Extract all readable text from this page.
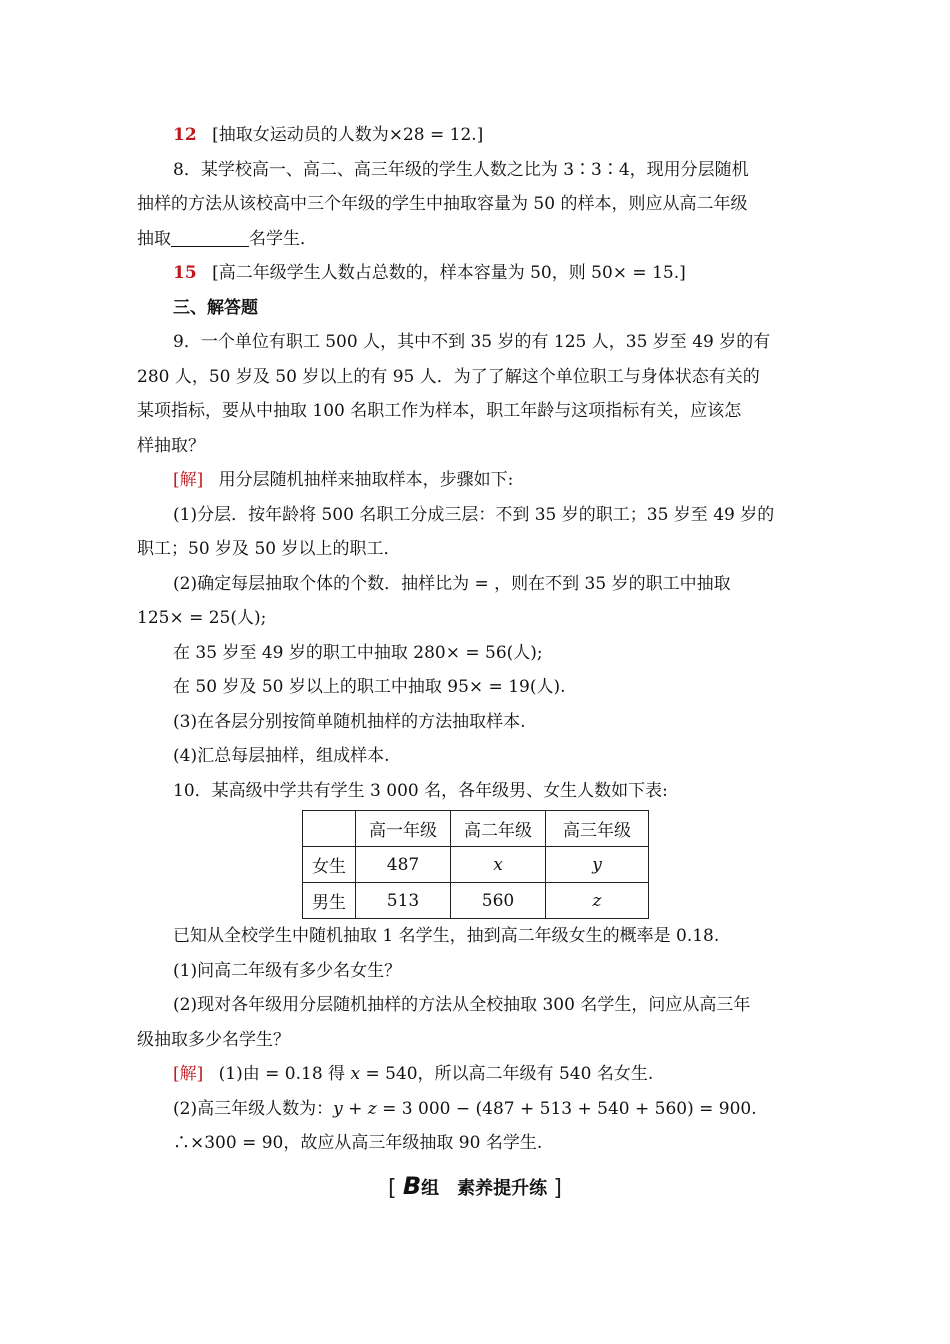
12 [抽取女运动员的人数为×28 = 12.]
8．某学校高一、高二、高三年级的学生人数之比为 3∶3∶4，现用分层随机
抽样的方法从该校高中三个年级的学生中抽取容量为 50 的样本，则应从高二年级
抽取	名学生．
15 [高二年级学生人数占总数的，样本容量为 50，则 50× = 15.]
三、解答题
9．一个单位有职工 500 人，其中不到 35 岁的有 125 人，35 岁至 49 岁的有
280 人，50 岁及 50 岁以上的有 95 人．为了了解这个单位职工与身体状态有关的
某项指标，要从中抽取 100 名职工作为样本，职工年龄与这项指标有关，应该怎
样抽取？
[解] 用分层随机抽样来抽取样本，步骤如下:
(1)分层．按年龄将 500 名职工分成三层：不到 35 岁的职工；35 岁至 49 岁的
职工；50 岁及 50 岁以上的职工．
(2)确定每层抽取个体的个数．抽样比为 = ，则在不到 35 岁的职工中抽取
125× = 25(人);
在 35 岁至 49 岁的职工中抽取 280× = 56(人);
在 50 岁及 50 岁以上的职工中抽取 95× = 19(人).
(3)在各层分别按简单随机抽样的方法抽取样本.
(4)汇总每层抽样，组成样本.
10．某高级中学共有学生 3 000 名，各年级男、女生人数如下表:
	高一年级	高二年级	高三年级
女生	487	x	y
男生	513	560	z
已知从全校学生中随机抽取 1 名学生，抽到高二年级女生的概率是 0.18.
(1)问高二年级有多少名女生？
(2)现对各年级用分层随机抽样的方法从全校抽取 300 名学生，问应从高三年
级抽取多少名学生？
[解] (1)由 = 0.18 得 x = 540，所以高二年级有 540 名女生.
(2)高三年级人数为：y + z = 3 000 − (487 + 513 + 540 + 560) = 900.
∴×300 = 90，故应从高三年级抽取 90 名学生.
[ B组　素养提升练 ]
